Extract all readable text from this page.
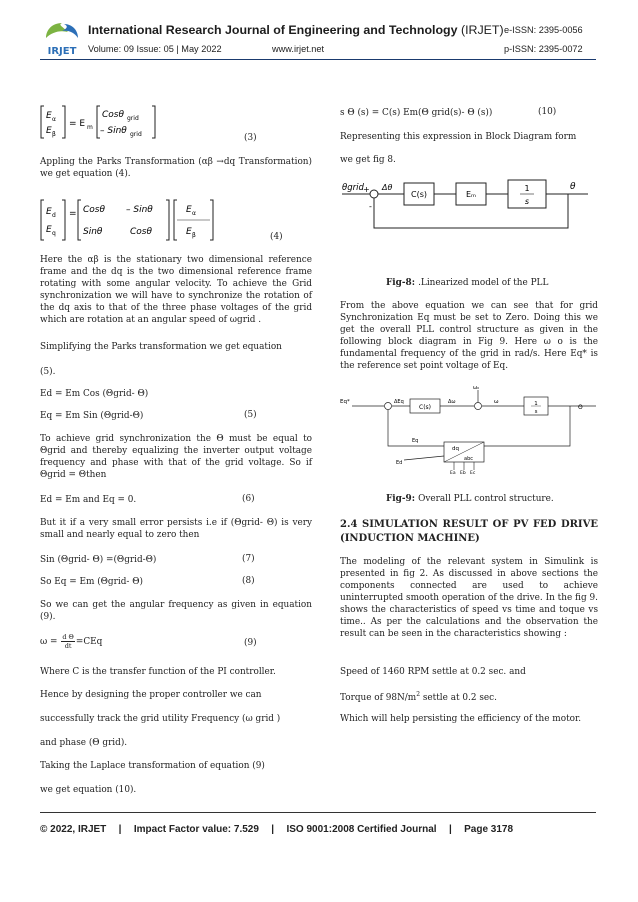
IRJET
International Research Journal of Engineering and Technology (IRJET) e-ISSN: 2395-0056
Volume: 09 Issue: 05 | May 2022	www.irjet.net	p-ISSN: 2395-0072
E α
E β
= E m
Cosθ grid
– Sinθ grid	(3)
Appling the Parks Transformation (αβ →dq Transformation) we get equation (4).
E d
E q
= Cosθ – Sinθ
Sinθ	Cosθ
E α
E β	(4)
Here the αβ is the stationary two dimensional reference frame and the dq is the two dimensional reference frame rotating with some angular velocity. To achieve the Grid synchronization we will have to synchronize the rotation of the dq axis to that of the three phase voltages of the grid which are rotation at an angular speed of ωgrid .
Simplifying the Parks transformation we get equation
(5).
Ed = Em Cos (Θgrid- Θ)
Eq = Em Sin (Θgrid-Θ)	(5)
To achieve grid synchronization the Θ must be equal to Θgrid and thereby equalizing the inverter output voltage frequency and phase with that of the grid voltage. So if Θgrid = Θthen
Ed = Em and Eq = 0.	(6)
But it if a very small error persists i.e if (Θgrid- Θ) is very small and nearly equal to zero then
Sin (Θgrid- Θ) =(Θgrid-Θ)	(7)
So Eq = Em (Θgrid- Θ)	(8)
So we can get the angular frequency as given in equation (9).
$\omega = \frac{\text{d Θ}}{dt} =CEq$	(9)
Where C is the transfer function of the PI controller.
Hence by designing the proper controller we can
successfully track the grid utility Frequency (ω grid )
and phase (Θ grid).
Taking the Laplace transformation of equation (9)
we get equation (10).
s Θ (s) = C(s) Em(Θ grid(s)- Θ (s))	(10)
Representing this expression in Block Diagram form
we get fig 8.
θgrid + Δθ
C(s)	Eₘ
1
s
θ
-
Fig-8: .Linearized model of the PLL
From the above equation we can see that for grid Synchronization Eq must be set to Zero. Doing this we get the overall PLL control structure as given in the following block diagram in Fig 9. Here ω o is the fundamental frequency of the grid in rad/s. Here Eq* is the reference set point voltage of Eq.
Eq*	ΔEq
C(s)
Δω
ω₀
ω	1
s
Θ
dq
abc
Eq
Ed
Ea Eb Ec
Fig-9: Overall PLL control structure.
2.4 SIMULATION RESULT OF PV FED DRIVE (INDUCTION MACHINE)
The modeling of the relevant system in Simulink is presented in fig 2. As discussed in above sections the components connected are used to achieve uninterrupted smooth operation of the drive. In the fig 9. shows the characteristics of speed vs time and toque vs time.. As per the calculations and the observation the result can be seen in the characteristics showing :
Speed of 1460 RPM settle at 0.2 sec. and
Torque of $98N/m^2$ settle at 0.2 sec.
Which will help persisting the efficiency of the motor.
© 2022, IRJET | Impact Factor value: 7.529 | ISO 9001:2008 Certified Journal | Page 3178
